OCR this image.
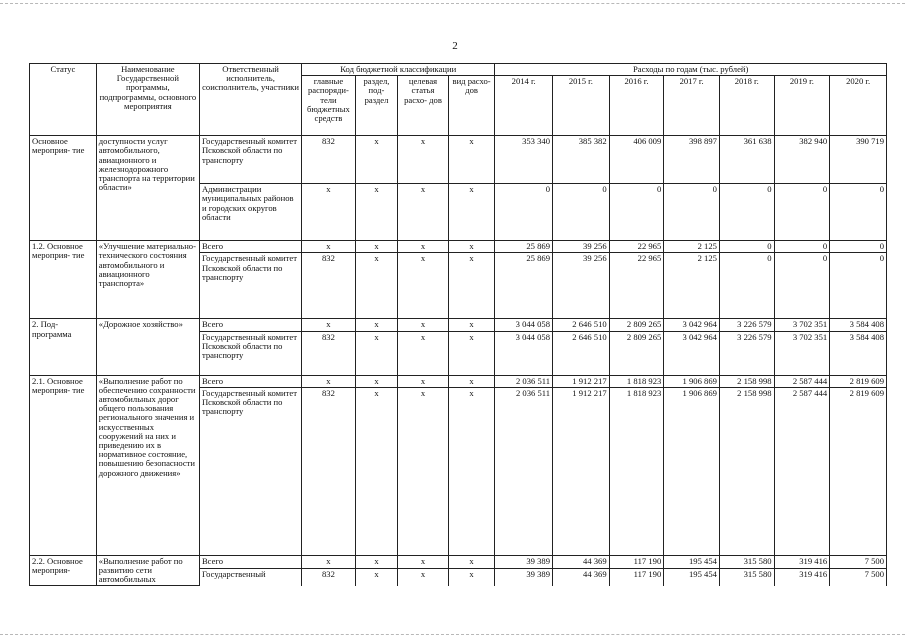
2
Статус	Наименование Государственной программы, подпрограммы, основного мероприятия	Ответственный исполнитель, соисполнитель, участники	Код бюджетной классификации				Расходы по годам (тыс. рублей)						
			главные распоряди- тели бюджетных средств	раздел, под- раздел	целевая статья расхо- дов	вид расхо- дов	2014 г.	2015 г.	2016 г.	2017 г.	2018 г.	2019 г.	2020 г.
Основное мероприя- тие	доступности услуг автомобильного, авиационного и железнодорожного транспорта на территории области»	Государственный комитет Псковской области по транспорту	832	x	x	x	353 340	385 382	406 009	398 897	361 638	382 940	390 719
		Администрации муниципальных районов и городских округов области	x	x	x	x	0	0	0	0	0	0	0
1.2. Основное мероприя- тие	«Улучшение материально- технического состояния автомобильного и авиационного транспорта»	Всего	x	x	x	x	25 869	39 256	22 965	2 125	0	0	0
		Государственный комитет Псковской области по транспорту	832	x	x	x	25 869	39 256	22 965	2 125	0	0	0
2. Под- программа	«Дорожное хозяйство»	Всего	x	x	x	x	3 044 058	2 646 510	2 809 265	3 042 964	3 226 579	3 702 351	3 584 408
		Государственный комитет Псковской области по транспорту	832	x	x	x	3 044 058	2 646 510	2 809 265	3 042 964	3 226 579	3 702 351	3 584 408
2.1. Основное мероприя- тие	«Выполнение работ по обеспечению сохранности автомобильных дорог общего пользования регионального значения и искусственных сооружений на них и приведению их в нормативное состояние, повышению безопасности дорожного движения»	Всего	x	x	x	x	2 036 511	1 912 217	1 818 923	1 906 869	2 158 998	2 587 444	2 819 609
		Государственный комитет Псковской области по транспорту	832	x	x	x	2 036 511	1 912 217	1 818 923	1 906 869	2 158 998	2 587 444	2 819 609
2.2. Основное мероприя-	«Выполнение работ по развитию сети автомобильных	Всего	x	x	x	x	39 389	44 369	117 190	195 454	315 580	319 416	7 500
		Государственный	832	x	x	x	39 389	44 369	117 190	195 454	315 580	319 416	7 500
